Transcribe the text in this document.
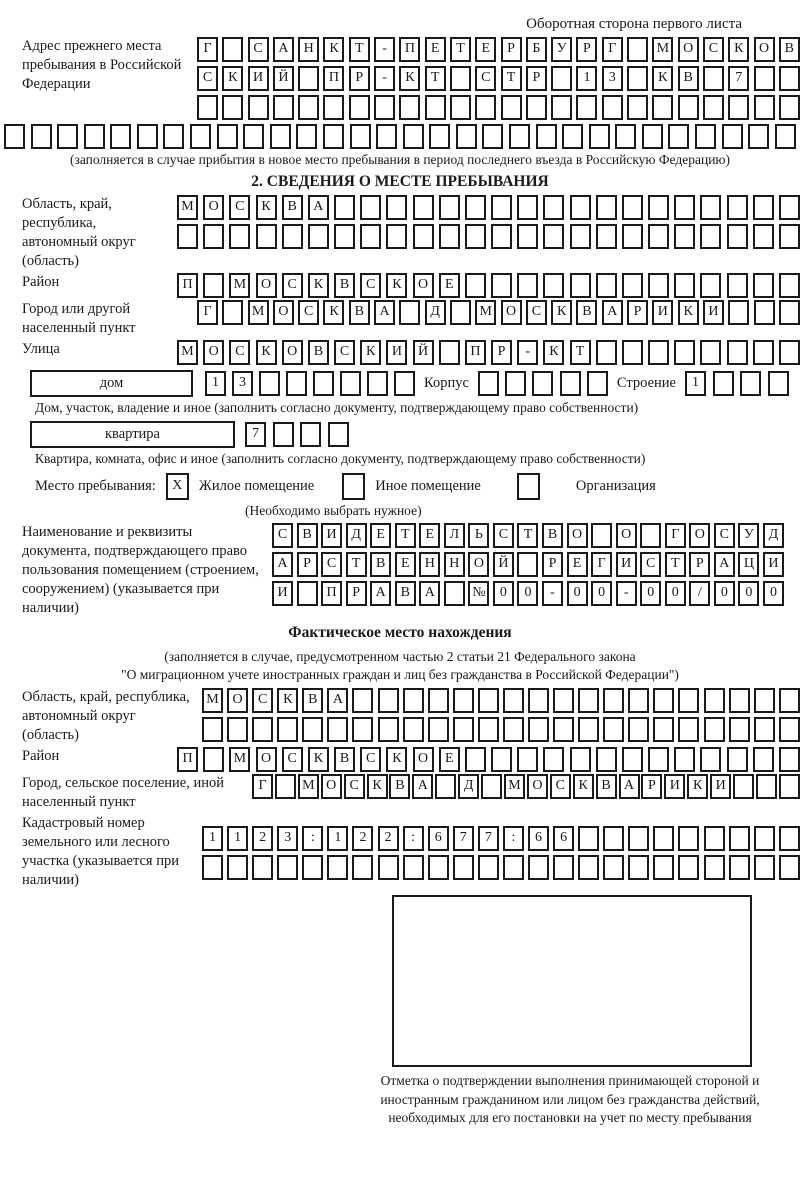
Оборотная сторона первого листа
Адрес прежнего места пребывания в Российской Федерации
Г	С	А	Н	К	Т	-	П	Е	Т	Е	Р	Б	У	Р	Г	М	О	С	К	О	В
С	К	И	Й	П	Р	-	К	Т	С	Т	Р	1	3	К	В	7
(заполняется в случае прибытия в новое место пребывания в период последнего въезда в Российскую Федерацию)
2. СВЕДЕНИЯ О МЕСТЕ ПРЕБЫВАНИЯ
Область, край, республика, автономный округ (область)
М	О	С	К	В	А
Район	П	М	О	С	К	В	С	К	О	Е
Город или другой населенный пункт
Г	М	О	С	К	В	А	Д	М	О	С	К	В	А	Р	И	К	И
Улица	М	О	С	К	О	В	С	К	И	Й	П	Р	-	К	Т
дом	1	3	Корпус	Строение	1
Дом, участок, владение и иное (заполнить согласно документу, подтверждающему право собственности)
квартира	7
Квартира, комната, офис и иное (заполнить согласно документу, подтверждающему право собственности)
Место пребывания:	X	Жилое помещение	Иное помещение	Организация
(Необходимо выбрать нужное)
Наименование и реквизиты документа, подтверждающего право пользования помещением (строением, сооружением) (указывается при наличии)
С	В	И	Д	Е	Т	Е	Л	Ь	С	Т	В	О	О	Г	О	С	У	Д
А	Р	С	Т	В	Е	Н	Н	О	Й	Р	Е	Г	И	С	Т	Р	А	Ц	И
И	П	Р	А	В	А	№	0	0	-	0	0	-	0	0	/	0	0	0
Фактическое место нахождения
(заполняется в случае, предусмотренном частью 2 статьи 21 Федерального закона
"О миграционном учете иностранных граждан и лиц без гражданства в Российской Федерации")
Область, край, республика, автономный округ (область)
М О	С	К	В	А
Район	П	М	О	С	К	В	С	К	О	Е
Город, сельское поселение, иной населенный пункт
Г	М О С К В А	Д	М О С К В А Р И К И
Кадастровый номер земельного или лесного участка (указывается при наличии)
1	1	2	3	:	1	2	2	:	6	7	7	:	6	6
Отметка о подтверждении выполнения принимающей стороной и иностранным гражданином или лицом без гражданства действий, необходимых для его постановки на учет по месту пребывания
